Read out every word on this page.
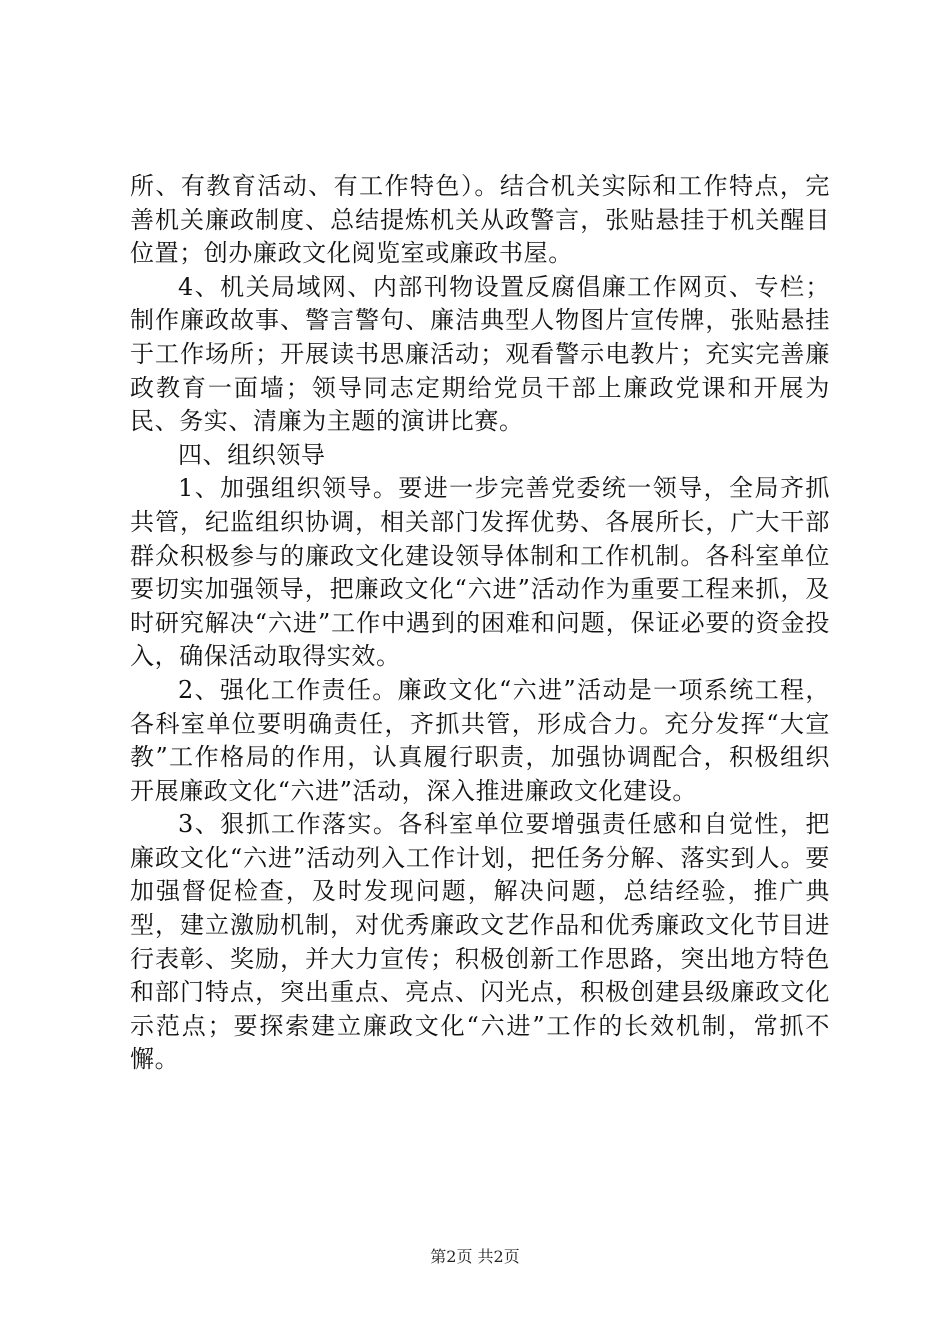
所、有教育活动、有工作特色）。结合机关实际和工作特点，完善机关廉政制度、总结提炼机关从政警言，张贴悬挂于机关醒目位置；创办廉政文化阅览室或廉政书屋。

4、机关局域网、内部刊物设置反腐倡廉工作网页、专栏；制作廉政故事、警言警句、廉洁典型人物图片宣传牌，张贴悬挂于工作场所；开展读书思廉活动；观看警示电教片；充实完善廉政教育一面墙；领导同志定期给党员干部上廉政党课和开展为民、务实、清廉为主题的演讲比赛。

四、组织领导

1、加强组织领导。要进一步完善党委统一领导，全局齐抓共管，纪监组织协调，相关部门发挥优势、各展所长，广大干部群众积极参与的廉政文化建设领导体制和工作机制。各科室单位要切实加强领导，把廉政文化“六进”活动作为重要工程来抓，及时研究解决“六进”工作中遇到的困难和问题，保证必要的资金投入，确保活动取得实效。

2、强化工作责任。廉政文化“六进”活动是一项系统工程，各科室单位要明确责任，齐抓共管，形成合力。充分发挥“大宣教”工作格局的作用，认真履行职责，加强协调配合，积极组织开展廉政文化“六进”活动，深入推进廉政文化建设。

3、狠抓工作落实。各科室单位要增强责任感和自觉性，把廉政文化“六进”活动列入工作计划，把任务分解、落实到人。要加强督促检查，及时发现问题，解决问题，总结经验，推广典型，建立激励机制，对优秀廉政文艺作品和优秀廉政文化节目进行表彰、奖励，并大力宣传；积极创新工作思路，突出地方特色和部门特点，突出重点、亮点、闪光点，积极创建县级廉政文化示范点；要探索建立廉政文化“六进”工作的长效机制，常抓不懈。

第2页 共2页
